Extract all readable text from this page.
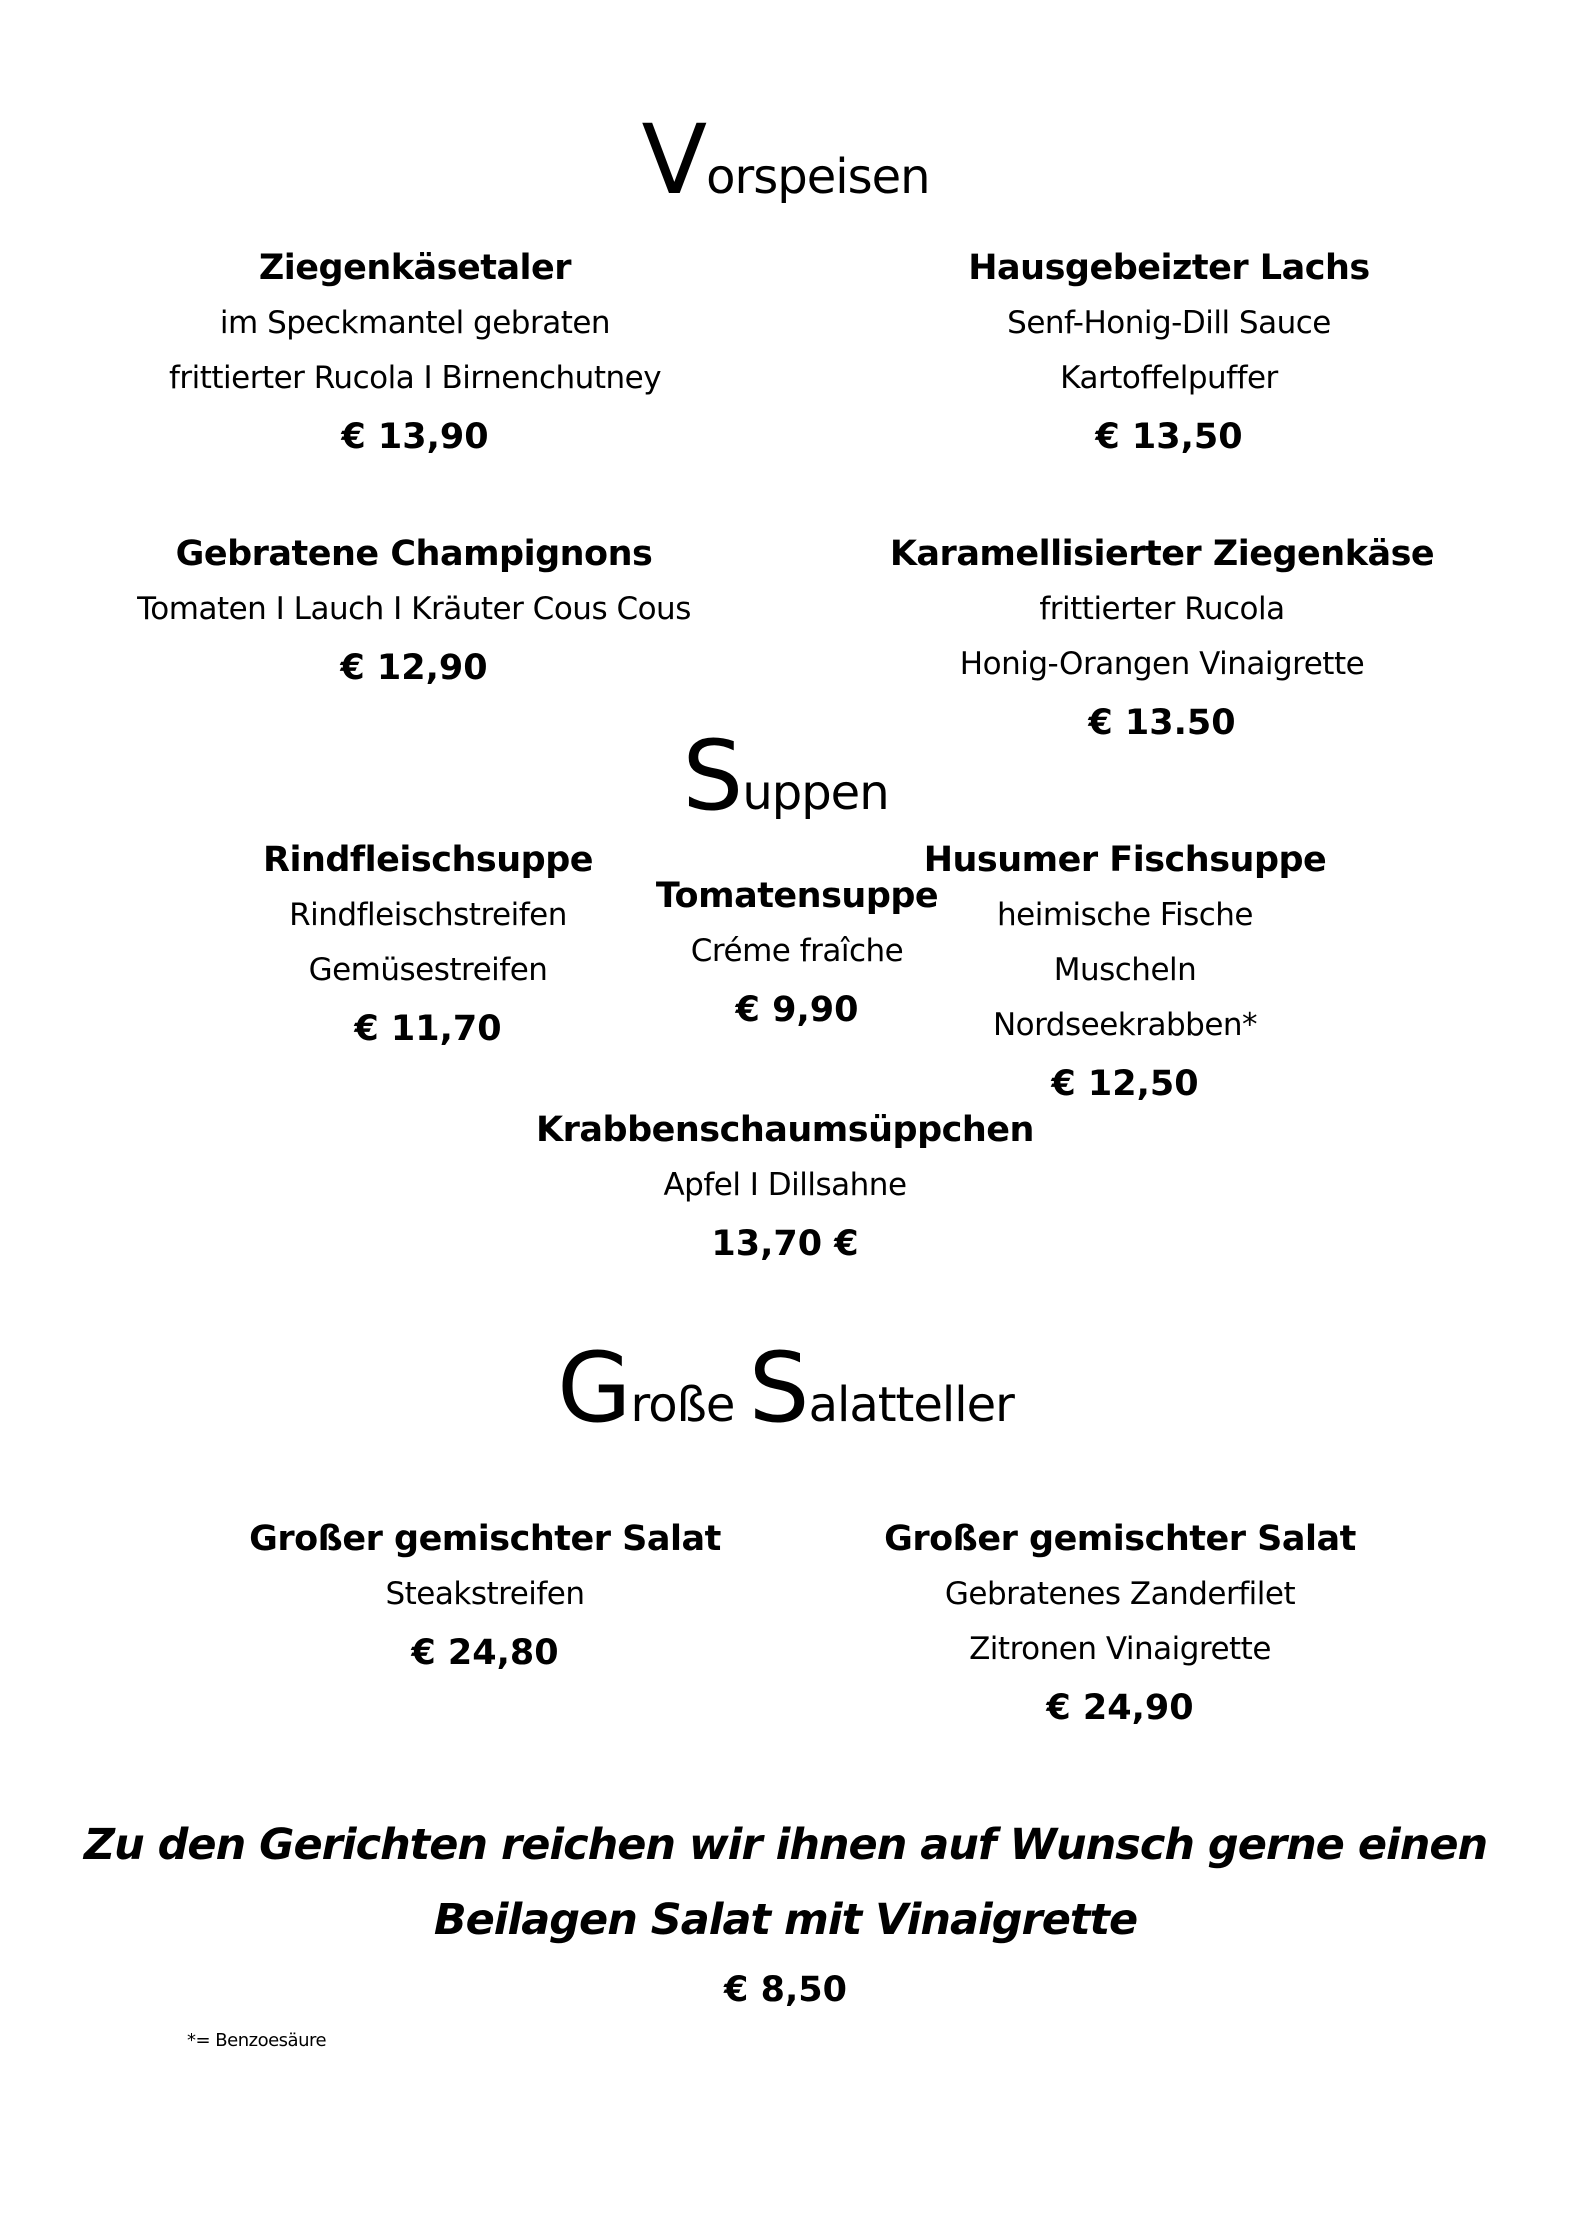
Vorspeisen
Ziegenkäsetaler
im Speckmantel gebraten
frittierter Rucola I Birnenchutney
€ 13,90
Hausgebeizter Lachs
Senf-Honig-Dill Sauce
Kartoffelpuffer
€ 13,50
Gebratene Champignons
Tomaten I Lauch I Kräuter Cous Cous
€ 12,90
Karamellisierter Ziegenkäse
frittierter Rucola
Honig-Orangen Vinaigrette
€ 13.50
Suppen
Rindfleischsuppe
Rindfleischstreifen
Gemüsestreifen
€ 11,70
Tomatensuppe
Créme fraîche
€ 9,90
Husumer Fischsuppe
heimische Fische
Muscheln
Nordseekrabben*
€ 12,50
Krabbenschaumsüppchen
Apfel I Dillsahne
13,70 €
Große Salatteller
Großer gemischter Salat
Steakstreifen
€ 24,80
Großer gemischter Salat
Gebratenes Zanderfilet
Zitronen Vinaigrette
€ 24,90

Zu den Gerichten reichen wir ihnen auf Wunsch gerne einen

Beilagen Salat mit Vinaigrette

€ 8,50
*= Benzoesäure
